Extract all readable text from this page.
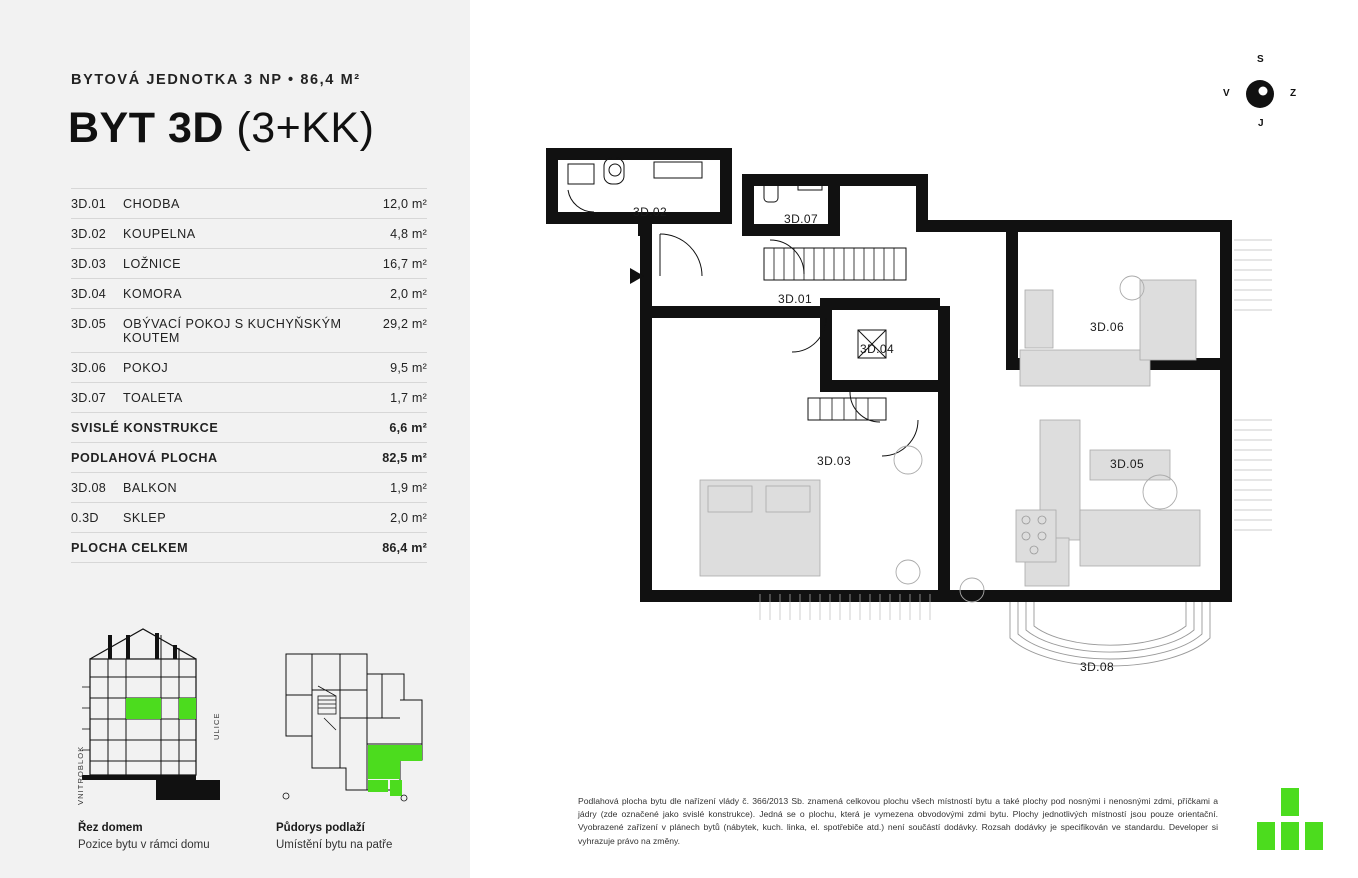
BYTOVÁ JEDNOTKA 3 NP • 86,4 M²
BYT 3D (3+KK)
3D.01	CHODBA	12,0 m²
3D.02	KOUPELNA	4,8 m²
3D.03	LOŽNICE	16,7 m²
3D.04	KOMORA	2,0 m²
3D.05	OBÝVACÍ POKOJ S KUCHYŇSKÝM KOUTEM	29,2 m²
3D.06	POKOJ	9,5 m²
3D.07	TOALETA	1,7 m²
SVISLÉ KONSTRUKCE		6,6 m²
PODLAHOVÁ PLOCHA		82,5 m²
3D.08	BALKON	1,9 m²
0.3D	SKLEP	2,0 m²
PLOCHA CELKEM		86,4 m²
VNITROBLOK
ULICE
Řez domem
Pozice bytu v rámci domu
Půdorys podlaží
Umístění bytu na patře
S
Z
V
J
3D.02	3D.07
3D.01
3D.04
3D.06
3D.03	3D.05
3D.08
Podlahová plocha bytu dle nařízení vlády č. 366/2013 Sb. znamená celkovou plochu všech místností bytu a také plochy pod nosnými i nenosnými zdmi, příčkami a jádry (zde označené jako svislé konstrukce). Jedná se o plochu, která je vymezena obvodovými zdmi bytu. Plochy jednotlivých místností jsou pouze orientační. Vyobrazené zařízení v plánech bytů (nábytek, kuch. linka, el. spotřebiče atd.) není součástí dodávky. Rozsah dodávky je specifikován ve standardu. Developer si vyhrazuje právo na změny.
